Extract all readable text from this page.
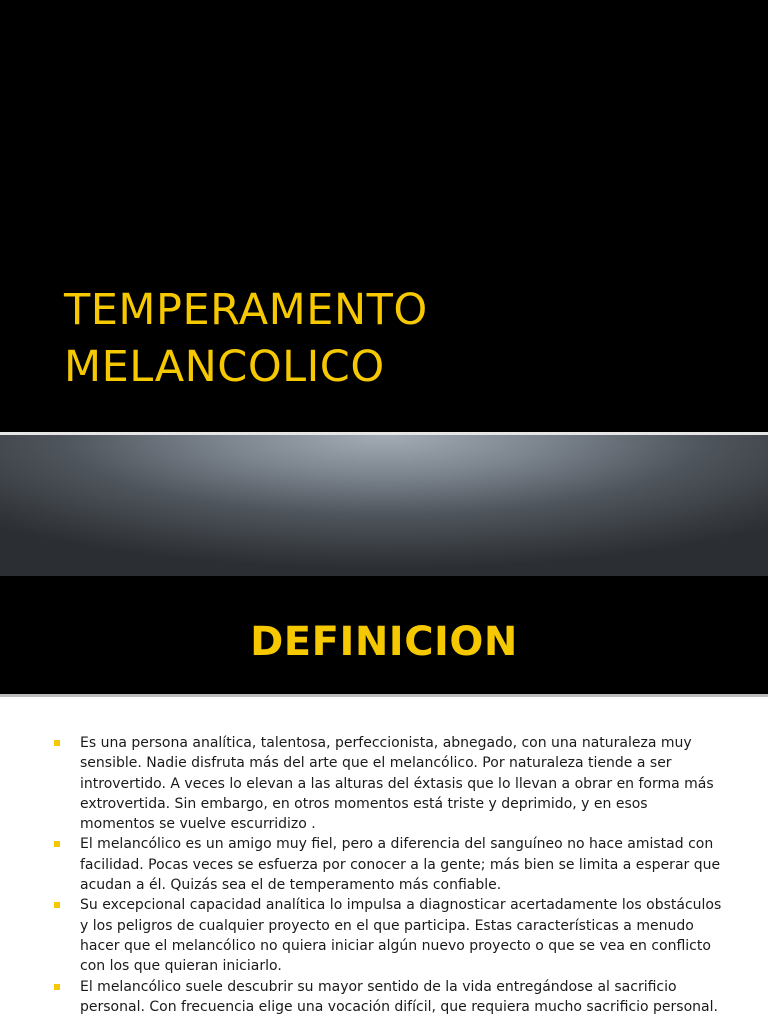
TEMPERAMENTO
MELANCOLICO
DEFINICION
Es una persona analítica, talentosa, perfeccionista, abnegado, con una naturaleza muy sensible. Nadie disfruta más del arte que el melancólico. Por naturaleza tiende a ser introvertido. A veces lo elevan a las alturas del éxtasis que lo llevan a obrar en forma más extrovertida. Sin embargo, en otros momentos está triste y deprimido, y en esos momentos se vuelve escurridizo .
El melancólico es un amigo muy fiel, pero a diferencia del sanguíneo no hace amistad con facilidad. Pocas veces se esfuerza por conocer a la gente; más bien se limita a esperar que acudan a él. Quizás sea el de temperamento más confiable.
Su excepcional capacidad analítica lo impulsa a diagnosticar acertadamente los obstáculos y los peligros de cualquier proyecto en el que participa. Estas características a menudo hacer que el melancólico no quiera iniciar algún nuevo proyecto o que se vea en conflicto con los que quieran iniciarlo.
El melancólico suele descubrir su mayor sentido de la vida entregándose al sacrificio personal. Con frecuencia elige una vocación difícil, que requiera mucho sacrificio personal.
